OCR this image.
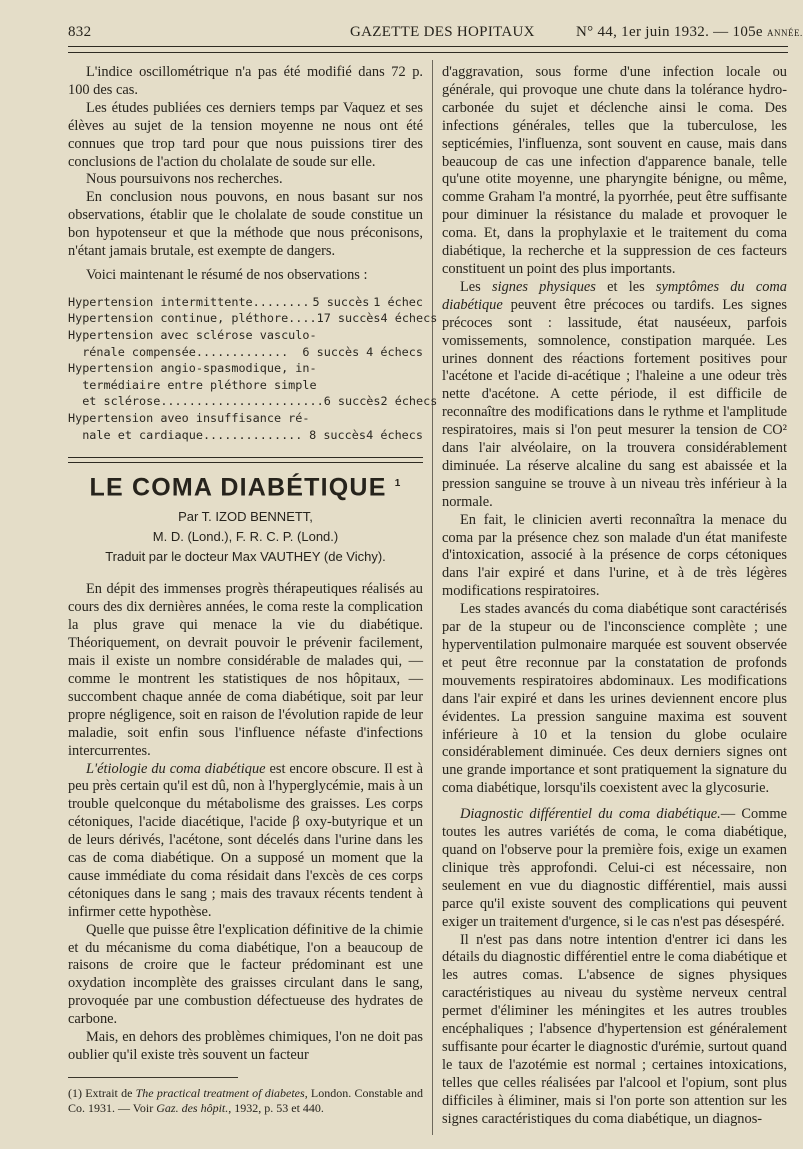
832	GAZETTE DES HOPITAUX	N° 44, 1er juin 1932. — 105e ANNÉE.

L'indice oscillométrique n'a pas été modifié dans 72 p. 100 des cas.

Les études publiées ces derniers temps par Vaquez et ses élèves au sujet de la tension moyenne ne nous ont été connues que trop tard pour que nous puissions tirer des conclusions de l'action du cholalate de soude sur elle.

Nous poursuivons nos recherches.

En conclusion nous pouvons, en nous basant sur nos observations, établir que le cholalate de soude constitue un bon hypotenseur et que la méthode que nous préconisons, n'étant jamais brutale, est exempte de dangers.

Voici maintenant le résumé de nos observations :

Hypertension intermittente........ 5 succès 1 échec
Hypertension continue, pléthore.... 17 succès 4 échecs
Hypertension avec sclérose vasculo-
rénale compensée.............	6 succès 4 échecs
Hypertension angio-spasmodique, in-
termédiaire entre pléthore simple
et sclérose....................... 6 succès 2 échecs
Hypertension aveo insuffisance ré-
nale et cardiaque.............. 8 succès 4 échecs
LE COMA DIABÉTIQUE $^1$
Par T. IZOD BENNETT,
M. D. (Lond.), F. R. C. P. (Lond.)
Traduit par le docteur Max VAUTHEY (de Vichy).

En dépit des immenses progrès thérapeutiques réalisés au cours des dix dernières années, le coma reste la complication la plus grave qui menace la vie du diabétique. Théoriquement, on devrait pouvoir le prévenir facilement, mais il existe un nombre considérable de malades qui, — comme le montrent les statistiques de nos hôpitaux, — succombent chaque année de coma diabétique, soit par leur propre négligence, soit en raison de l'évolution rapide de leur maladie, soit enfin sous l'influence néfaste d'infections intercurrentes.

L'étiologie du coma diabétique est encore obscure. Il est à peu près certain qu'il est dû, non à l'hyperglycémie, mais à un trouble quelconque du métabolisme des graisses. Les corps cétoniques, l'acide diacétique, l'acide β oxy-butyrique et un de leurs dérivés, l'acétone, sont décelés dans l'urine dans les cas de coma diabétique. On a supposé un moment que la cause immédiate du coma résidait dans l'excès de ces corps cétoniques dans le sang ; mais des travaux récents tendent à infirmer cette hypothèse.

Quelle que puisse être l'explication définitive de la chimie et du mécanisme du coma diabétique, l'on a beaucoup de raisons de croire que le facteur prédominant est une oxydation incomplète des graisses circulant dans le sang, provoquée par une combustion défectueuse des hydrates de carbone.

Mais, en dehors des problèmes chimiques, l'on ne doit pas oublier qu'il existe très souvent un facteur

(1) Extrait de The practical treatment of diabetes, London. Constable and Co. 1931. — Voir Gaz. des hôpit., 1932, p. 53 et 440.

d'aggravation, sous forme d'une infection locale ou générale, qui provoque une chute dans la tolérance hydro-carbonée du sujet et déclenche ainsi le coma. Des infections générales, telles que la tuberculose, les septicémies, l'influenza, sont souvent en cause, mais dans beaucoup de cas une infection d'apparence banale, telle qu'une otite moyenne, une pharyngite bénigne, ou même, comme Graham l'a montré, la pyorrhée, peut être suffisante pour diminuer la résistance du malade et provoquer le coma. Et, dans la prophylaxie et le traitement du coma diabétique, la recherche et la suppression de ces facteurs constituent un point des plus importants.

Les signes physiques et les symptômes du coma diabétique peuvent être précoces ou tardifs. Les signes précoces sont : lassitude, état nauséeux, parfois vomissements, somnolence, constipation marquée. Les urines donnent des réactions fortement positives pour l'acétone et l'acide di-acétique ; l'haleine a une odeur très nette d'acétone. A cette période, il est difficile de reconnaître des modifications dans le rythme et l'amplitude respiratoires, mais si l'on peut mesurer la tension de CO² dans l'air alvéolaire, on la trouvera considérablement diminuée. La réserve alcaline du sang est abaissée et la pression sanguine se trouve à un niveau très inférieur à la normale.

En fait, le clinicien averti reconnaîtra la menace du coma par la présence chez son malade d'un état manifeste d'intoxication, associé à la présence de corps cétoniques dans l'air expiré et dans l'urine, et à de très légères modifications respiratoires.

Les stades avancés du coma diabétique sont caractérisés par de la stupeur ou de l'inconscience complète ; une hyperventilation pulmonaire marquée est souvent observée et peut être reconnue par la constatation de profonds mouvements respiratoires abdominaux. Les modifications dans l'air expiré et dans les urines deviennent encore plus évidentes. La pression sanguine maxima est souvent inférieure à 10 et la tension du globe oculaire considérablement diminuée. Ces deux derniers signes ont une grande importance et sont pratiquement la signature du coma diabétique, lorsqu'ils coexistent avec la glycosurie.

Diagnostic différentiel du coma diabétique.— Comme toutes les autres variétés de coma, le coma diabétique, quand on l'observe pour la première fois, exige un examen clinique très approfondi. Celui-ci est nécessaire, non seulement en vue du diagnostic différentiel, mais aussi parce qu'il existe souvent des complications qui peuvent exiger un traitement d'urgence, si le cas n'est pas désespéré.

Il n'est pas dans notre intention d'entrer ici dans les détails du diagnostic différentiel entre le coma diabétique et les autres comas. L'absence de signes physiques caractéristiques au niveau du système nerveux central permet d'éliminer les méningites et les autres troubles encéphaliques ; l'absence d'hypertension est généralement suffisante pour écarter le diagnostic d'urémie, surtout quand le taux de l'azotémie est normal ; certaines intoxications, telles que celles réalisées par l'alcool et l'opium, sont plus difficiles à éliminer, mais si l'on porte son attention sur les signes caractéristiques du coma diabétique, un diagnos-
